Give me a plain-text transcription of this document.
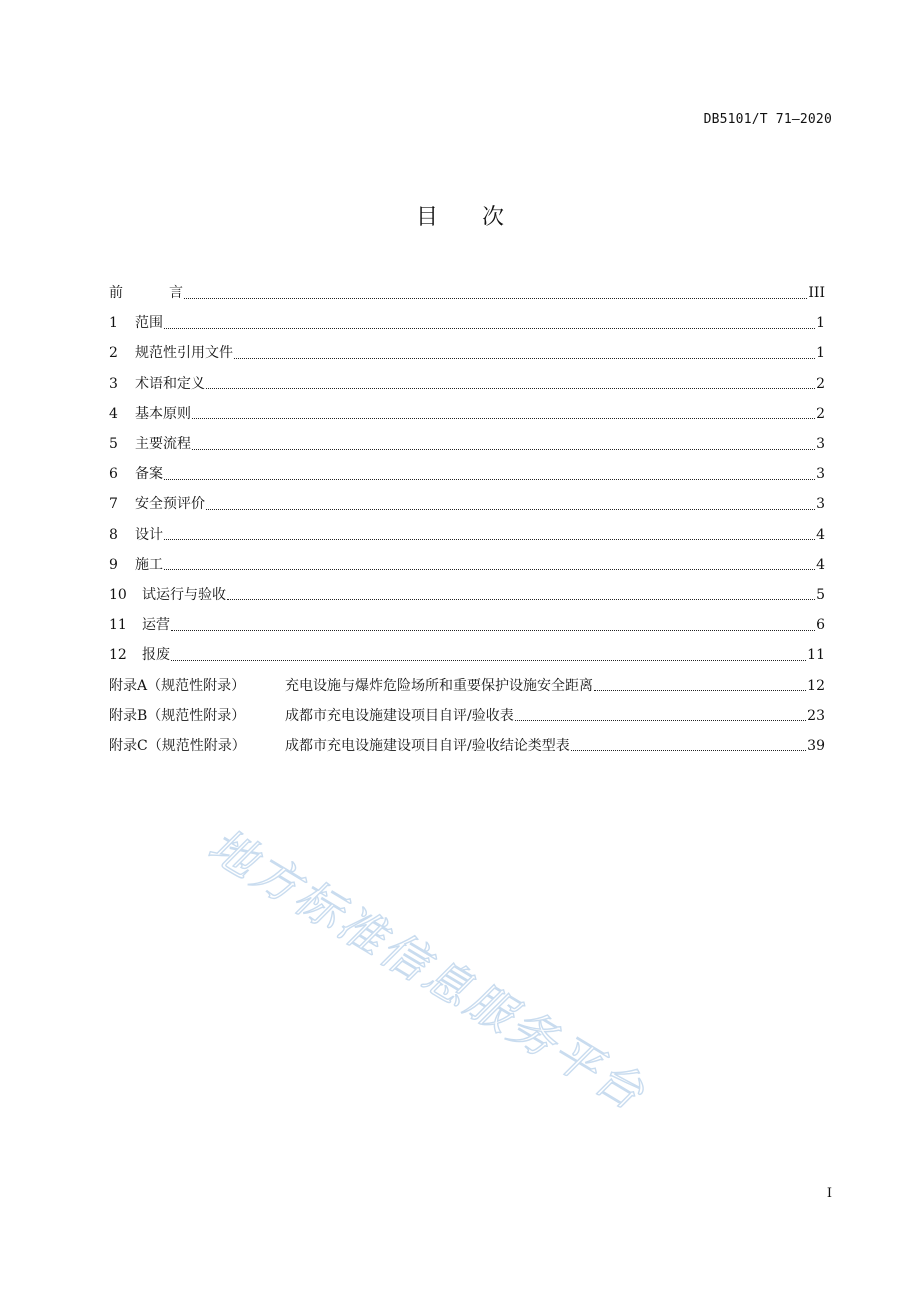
DB5101/T 71—2020
目 次
前	言	III
1	范围	1
2	规范性引用文件	1
3	术语和定义	2
4	基本原则	2
5	主要流程	3
6	备案	3
7	安全预评价	3
8	设计	4
9	施工	4
10	试运行与验收	5
11	运营	6
12	报废	11
附录A（规范性附录）	充电设施与爆炸危险场所和重要保护设施安全距离	12
附录B（规范性附录）	成都市充电设施建设项目自评/验收表	23
附录C（规范性附录）	成都市充电设施建设项目自评/验收结论类型表	39
地方标准信息服务平台
I
